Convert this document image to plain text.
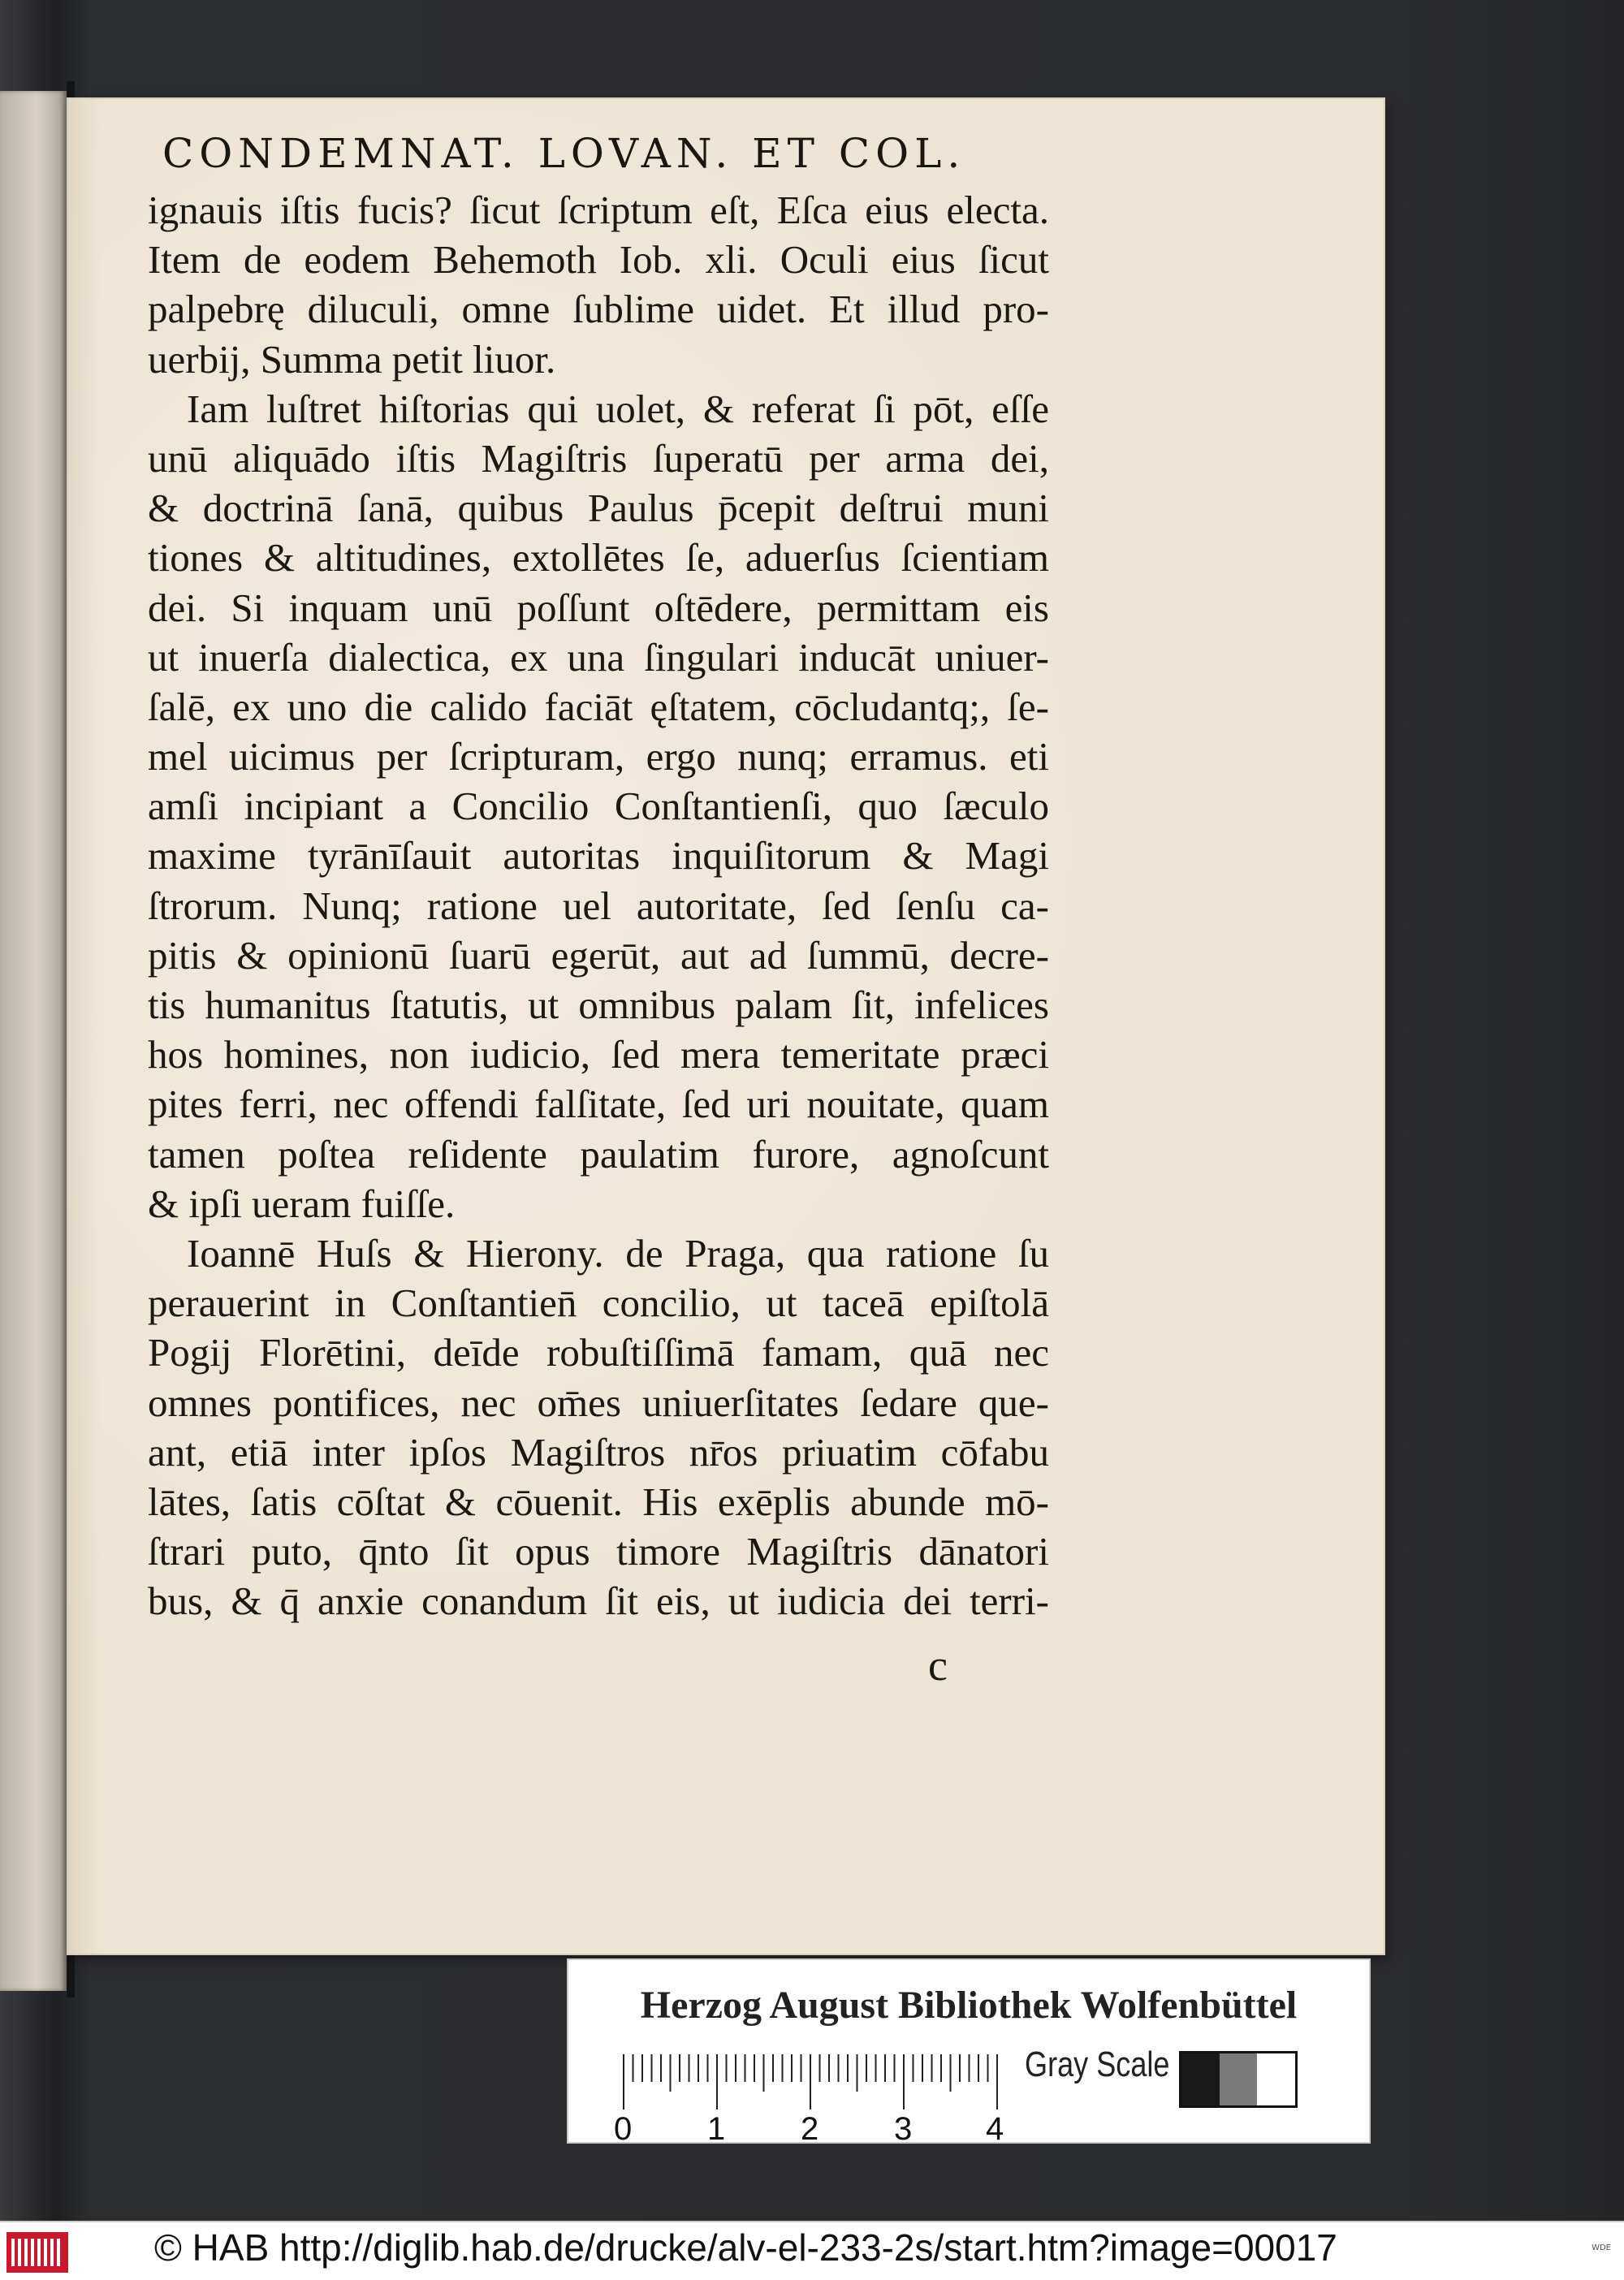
CONDEMNAT. LOVAN. ET COL.
ignauis iſtis fucis? ſicut ſcriptum eſt, Eſca eius electa.
Item de eodem Behemoth Iob. xli. Oculi eius ſicut
palpebrę diluculi, omne ſublime uidet. Et illud pro-
uerbij, Summa petit liuor.
Iam luſtret hiſtorias qui uolet, & referat ſi pōt, eſſe
unū aliquādo iſtis Magiſtris ſuperatū per arma dei,
& doctrinā ſanā, quibus Paulus p̄cepit deſtrui muni
tiones & altitudines, extollētes ſe, aduerſus ſcientiam
dei. Si inquam unū poſſunt oſtēdere, permittam eis
ut inuerſa dialectica, ex una ſingulari inducāt uniuer-
ſalē, ex uno die calido faciāt ęſtatem, cōcludantq;, ſe-
mel uicimus per ſcripturam, ergo nunq; erramus. eti
amſi incipiant a Concilio Conſtantienſi, quo ſæculo
maxime tyrānīſauit autoritas inquiſitorum & Magi
ſtrorum. Nunq; ratione uel autoritate, ſed ſenſu ca-
pitis & opinionū ſuarū egerūt, aut ad ſummū, decre-
tis humanitus ſtatutis, ut omnibus palam ſit, infelices
hos homines, non iudicio, ſed mera temeritate præci
pites ferri, nec offendi falſitate, ſed uri nouitate, quam
tamen poſtea reſidente paulatim furore, agnoſcunt
& ipſi ueram fuiſſe.
Ioannē Huſs & Hierony. de Praga, qua ratione ſu
perauerint in Conſtantien̄ concilio, ut taceā epiſtolā
Pogij Florētini, deīde robuſtiſſimā famam, quā nec
omnes pontifices, nec om̄es uniuerſitates ſedare que-
ant, etiā inter ipſos Magiſtros nr̄os priuatim cōfabu
lātes, ſatis cōſtat & cōuenit. His exēplis abunde mō-
ſtrari puto, q̄nto ſit opus timore Magiſtris dānatori
bus, & q̄ anxie conandum ſit eis, ut iudicia dei terri-
c
Herzog August Bibliothek Wolfenbüttel
Gray Scale
0 1 2 3 4
© HAB http://diglib.hab.de/drucke/alv-el-233-2s/start.htm?image=00017	WDE
